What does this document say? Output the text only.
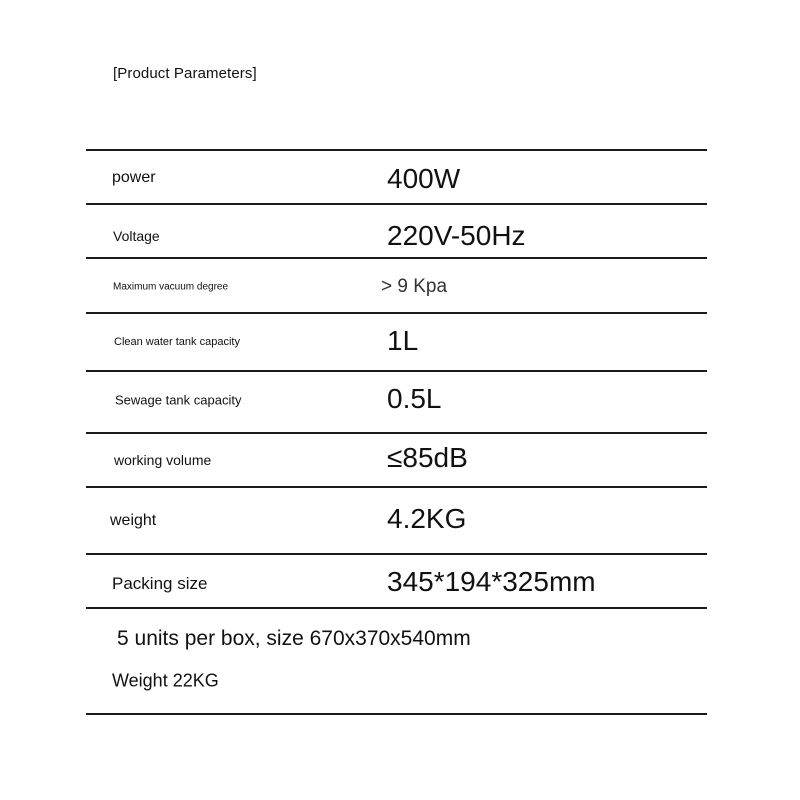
[Product Parameters]
power	400W
Voltage	220V-50Hz
Maximum vacuum degree	> 9 Kpa
Clean water tank capacity	1L
Sewage tank capacity	0.5L
working volume	≤85dB
weight	4.2KG
Packing size	345*194*325mm
5 units per box, size 670x370x540mm
Weight 22KG
